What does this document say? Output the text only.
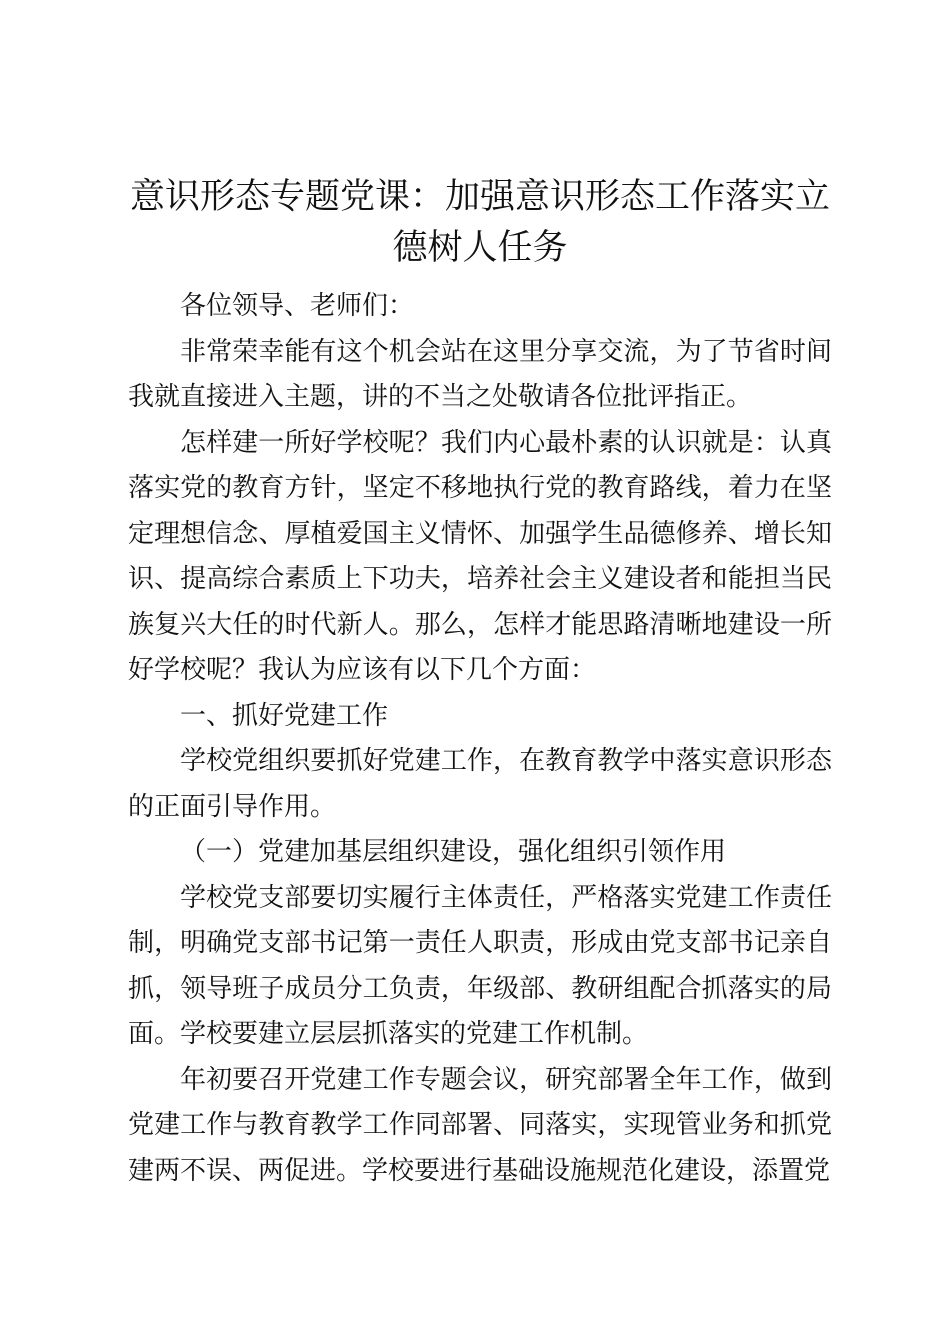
意识形态专题党课：加强意识形态工作落实立
德树人任务

各位领导、老师们：

非常荣幸能有这个机会站在这里分享交流，为了节省时间我就直接进入主题，讲的不当之处敬请各位批评指正。

怎样建一所好学校呢？我们内心最朴素的认识就是：认真落实党的教育方针，坚定不移地执行党的教育路线，着力在坚定理想信念、厚植爱国主义情怀、加强学生品德修养、增长知识、提高综合素质上下功夫，培养社会主义建设者和能担当民族复兴大任的时代新人。那么，怎样才能思路清晰地建设一所好学校呢？我认为应该有以下几个方面：

一、抓好党建工作

学校党组织要抓好党建工作，在教育教学中落实意识形态的正面引导作用。

（一）党建加基层组织建设，强化组织引领作用

学校党支部要切实履行主体责任，严格落实党建工作责任制，明确党支部书记第一责任人职责，形成由党支部书记亲自抓，领导班子成员分工负责，年级部、教研组配合抓落实的局面。学校要建立层层抓落实的党建工作机制。

年初要召开党建工作专题会议，研究部署全年工作，做到党建工作与教育教学工作同部署、同落实，实现管业务和抓党建两不误、两促进。学校要进行基础设施规范化建设，添置党
